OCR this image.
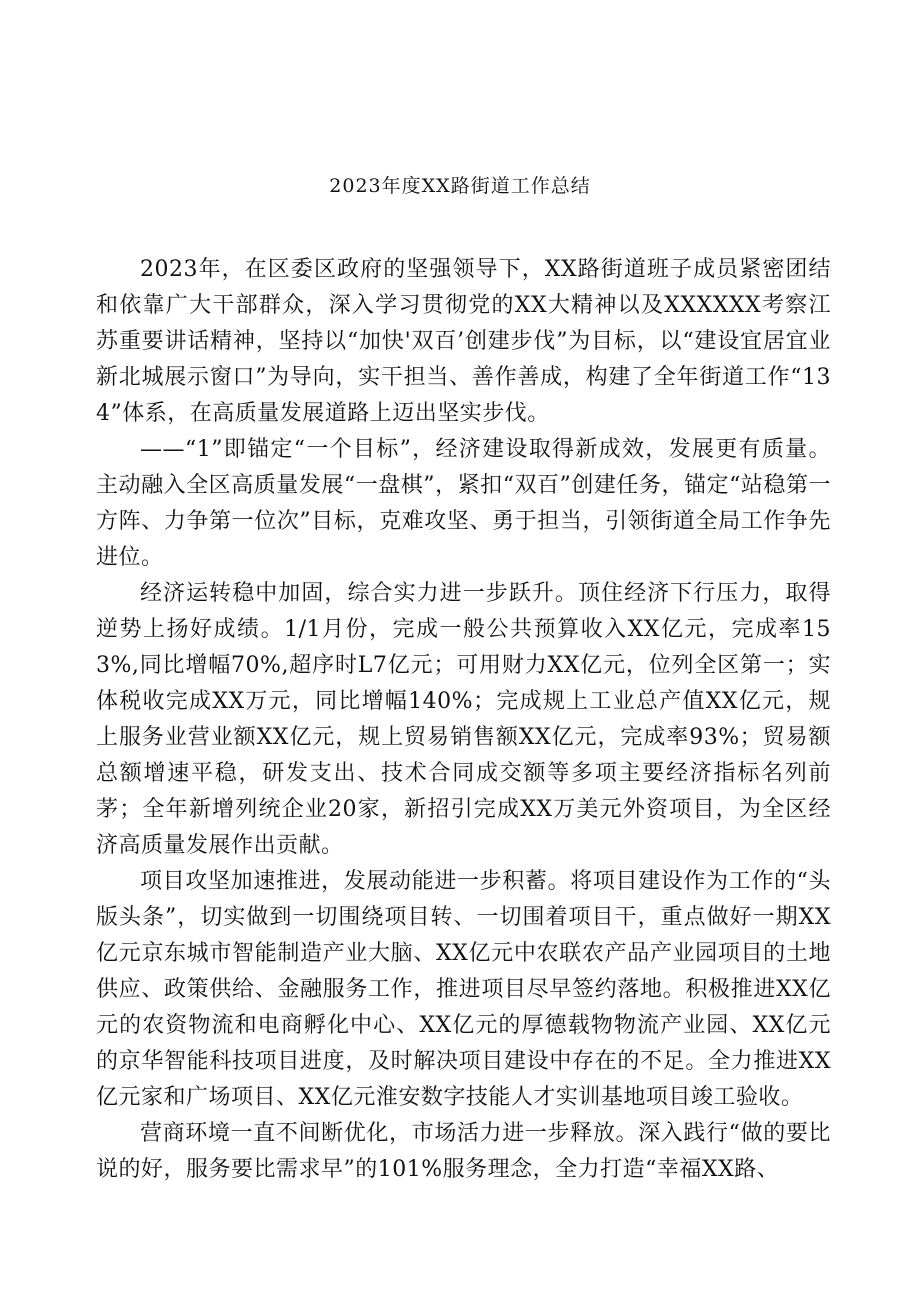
2023年度XX路街道工作总结

2023年，在区委区政府的坚强领导下，XX路街道班子成员紧密团结和依靠广大干部群众，深入学习贯彻党的XX大精神以及XXXXXX考察江苏重要讲话精神，坚持以“加快'双百’创建步伐”为目标，以“建设宜居宜业新北城展示窗口”为导向，实干担当、善作善成，构建了全年街道工作“134”体系，在高质量发展道路上迈出坚实步伐。

——“1”即锚定“一个目标”，经济建设取得新成效，发展更有质量。主动融入全区高质量发展“一盘棋”，紧扣“双百”创建任务，锚定“站稳第一方阵、力争第一位次”目标，克难攻坚、勇于担当，引领街道全局工作争先进位。

经济运转稳中加固，综合实力进一步跃升。顶住经济下行压力，取得逆势上扬好成绩。1/1月份，完成一般公共预算收入XX亿元，完成率153%,同比增幅70%,超序时L7亿元；可用财力XX亿元，位列全区第一；实体税收完成XX万元，同比增幅140%；完成规上工业总产值XX亿元，规上服务业营业额XX亿元，规上贸易销售额XX亿元，完成率93%；贸易额总额增速平稳，研发支出、技术合同成交额等多项主要经济指标名列前茅；全年新增列统企业20家，新招引完成XX万美元外资项目，为全区经济高质量发展作出贡献。

项目攻坚加速推进，发展动能进一步积蓄。将项目建设作为工作的“头版头条”，切实做到一切围绕项目转、一切围着项目干，重点做好一期XX亿元京东城市智能制造产业大脑、XX亿元中农联农产品产业园项目的土地供应、政策供给、金融服务工作，推进项目尽早签约落地。积极推进XX亿元的农资物流和电商孵化中心、XX亿元的厚德载物物流产业园、XX亿元的京华智能科技项目进度，及时解决项目建设中存在的不足。全力推进XX亿元家和广场项目、XX亿元淮安数字技能人才实训基地项目竣工验收。

营商环境一直不间断优化，市场活力进一步释放。深入践行“做的要比说的好，服务要比需求早”的101%服务理念，全力打造“幸福XX路、
